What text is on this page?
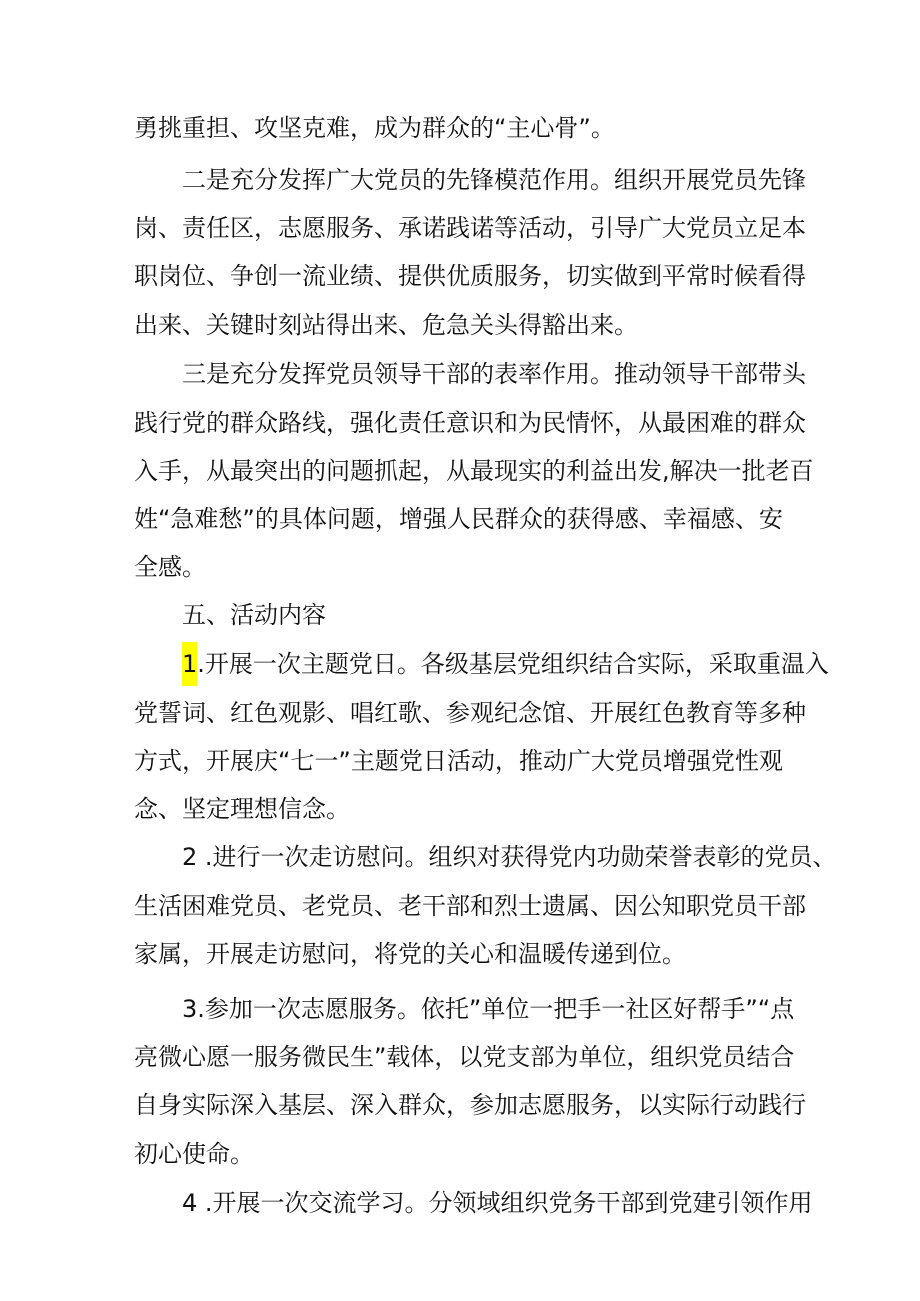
勇挑重担、攻坚克难，成为群众的“主心骨”。
二是充分发挥广大党员的先锋模范作用。组织开展党员先锋
岗、责任区，志愿服务、承诺践诺等活动，引导广大党员立足本
职岗位、争创一流业绩、提供优质服务，切实做到平常时候看得
出来、关键时刻站得出来、危急关头得豁出来。
三是充分发挥党员领导干部的表率作用。推动领导干部带头
践行党的群众路线，强化责任意识和为民情怀，从最困难的群众
入手，从最突出的问题抓起，从最现实的利益出发,解决一批老百
姓“急难愁”的具体问题，增强人民群众的获得感、幸福感、安
全感。
五、活动内容
1.开展一次主题党日。各级基层党组织结合实际，采取重温入
党誓词、红色观影、唱红歌、参观纪念馆、开展红色教育等多种
方式，开展庆“七一”主题党日活动，推动广大党员增强党性观
念、坚定理想信念。
2 .进行一次走访慰问。组织对获得党内功勋荣誉表彰的党员、
生活困难党员、老党员、老干部和烈士遗属、因公知职党员干部
家属，开展走访慰问，将党的关心和温暖传递到位。
3.参加一次志愿服务。依托”单位一把手一社区好帮手”“点
亮微心愿一服务微民生”载体，以党支部为单位，组织党员结合
自身实际深入基层、深入群众，参加志愿服务，以实际行动践行
初心使命。
4 .开展一次交流学习。分领域组织党务干部到党建引领作用
